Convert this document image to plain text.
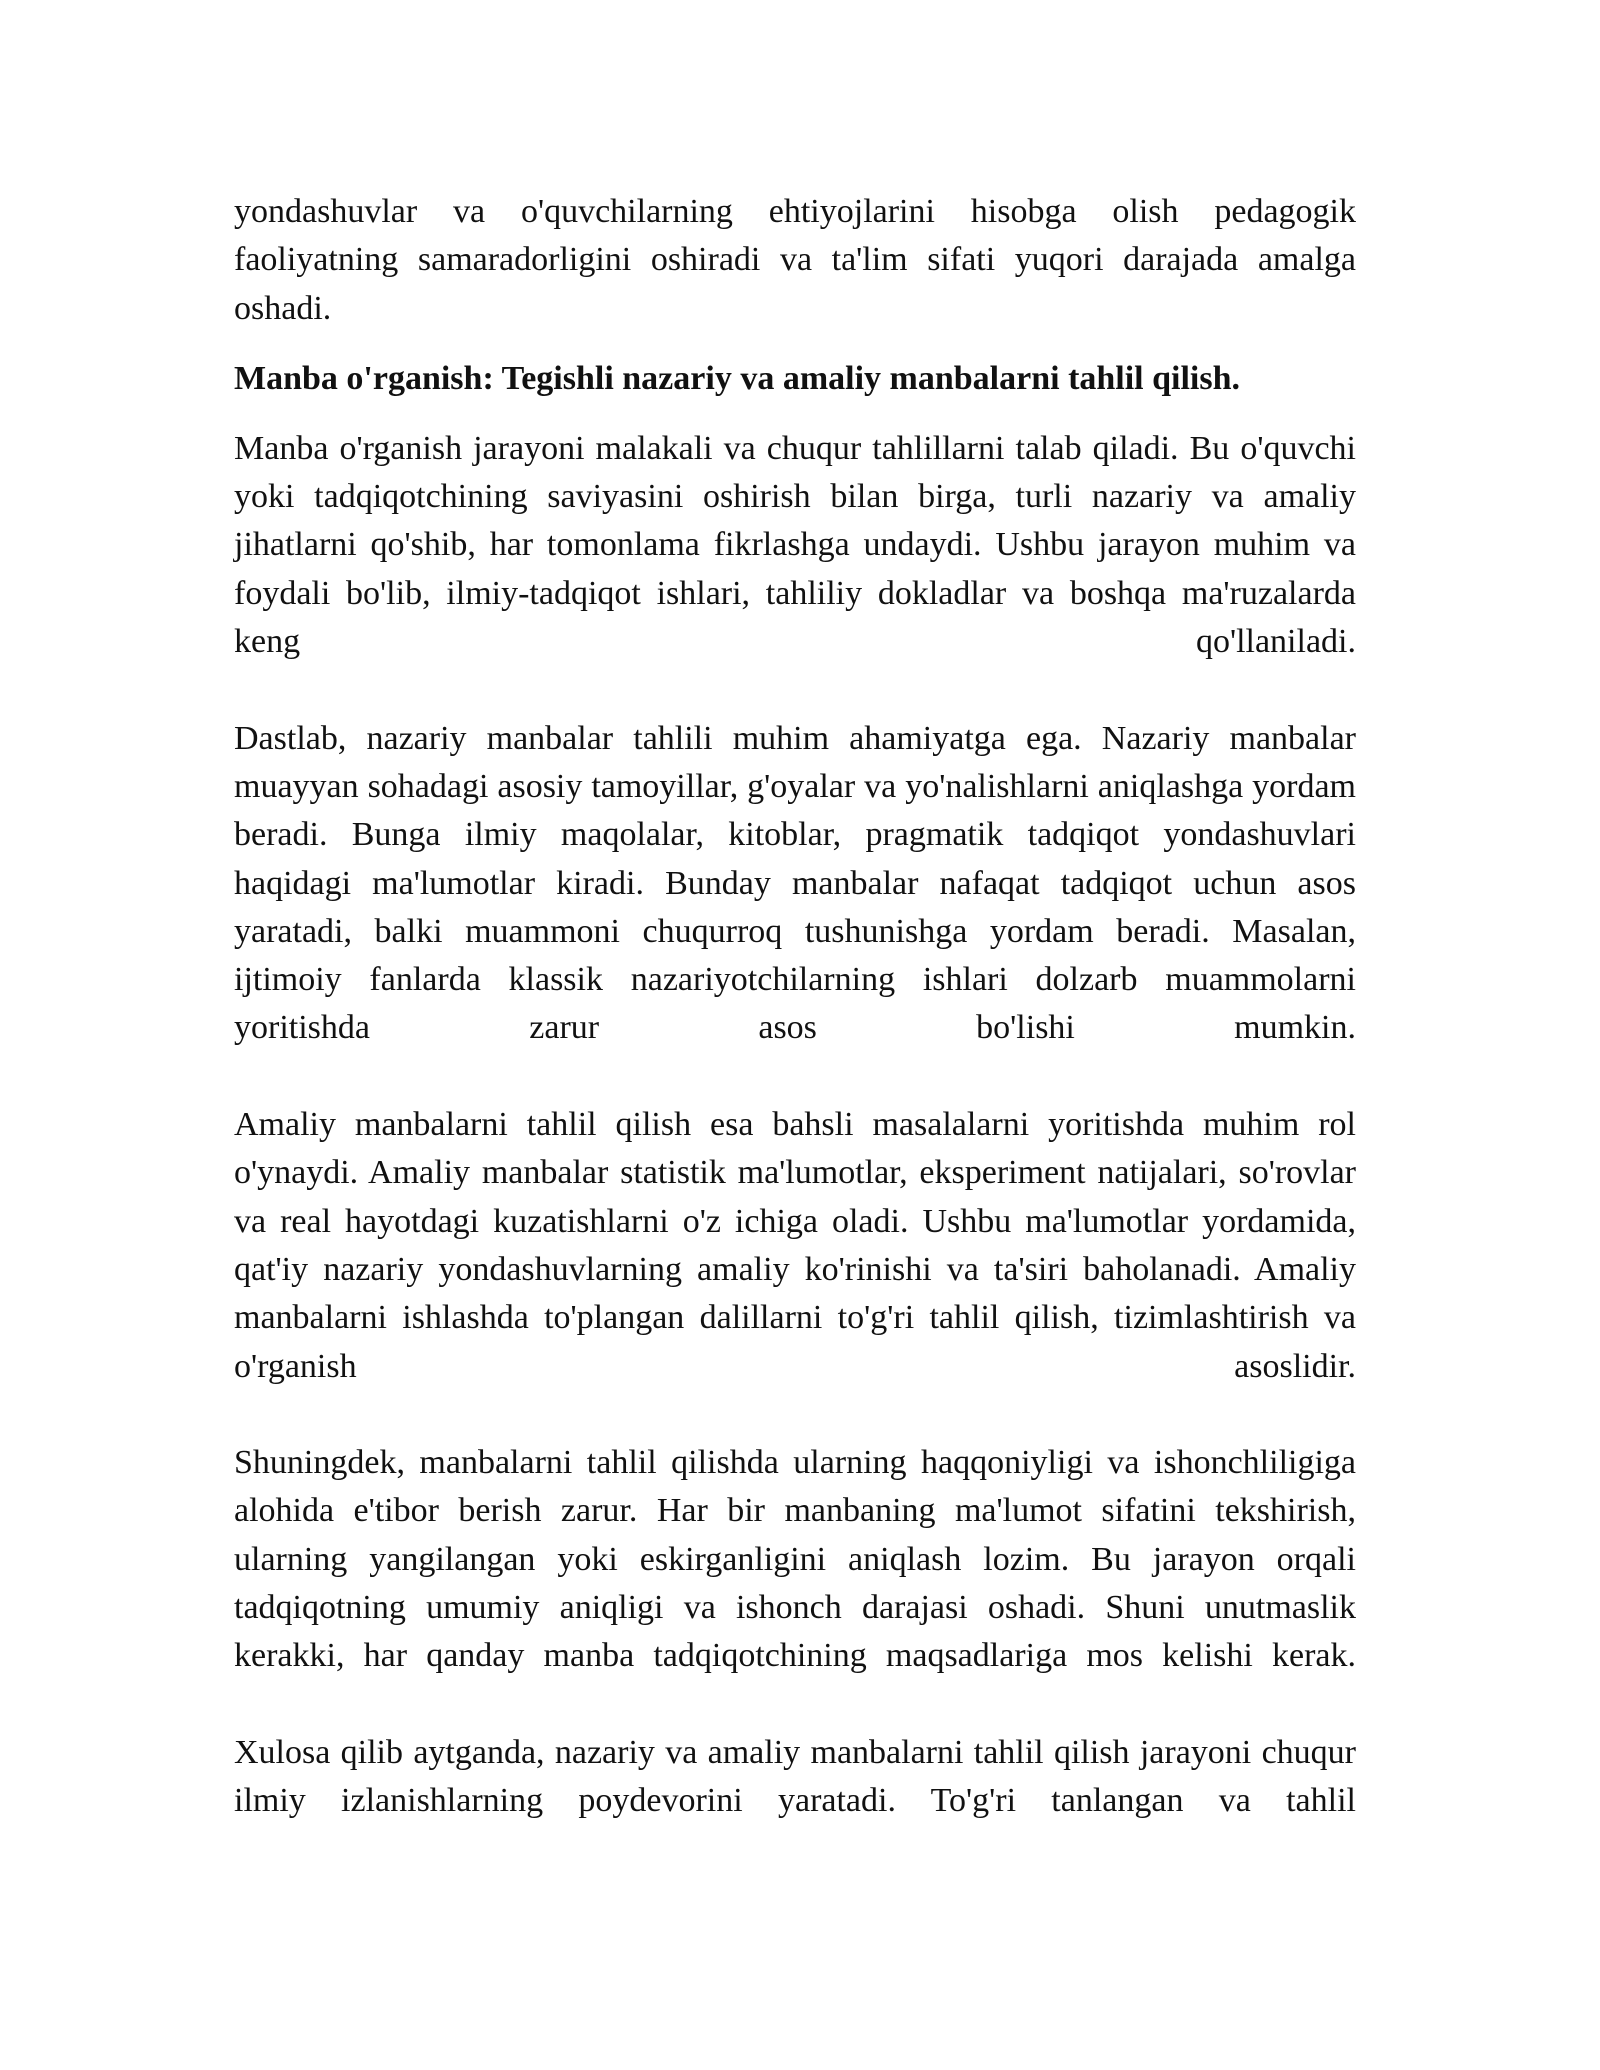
yondashuvlar va o'quvchilarning ehtiyojlarini hisobga olish pedagogik faoliyatning samaradorligini oshiradi va ta'lim sifati yuqori darajada amalga oshadi.

Manba o'rganish: Tegishli nazariy va amaliy manbalarni tahlil qilish.

Manba o'rganish jarayoni malakali va chuqur tahlillarni talab qiladi. Bu o'quvchi yoki tadqiqotchining saviyasini oshirish bilan birga, turli nazariy va amaliy jihatlarni qo'shib, har tomonlama fikrlashga undaydi. Ushbu jarayon muhim va foydali bo'lib, ilmiy-tadqiqot ishlari, tahliliy dokladlar va boshqa ma'ruzalarda keng qo'llaniladi.

Dastlab, nazariy manbalar tahlili muhim ahamiyatga ega. Nazariy manbalar muayyan sohadagi asosiy tamoyillar, g'oyalar va yo'nalishlarni aniqlashga yordam beradi. Bunga ilmiy maqolalar, kitoblar, pragmatik tadqiqot yondashuvlari haqidagi ma'lumotlar kiradi. Bunday manbalar nafaqat tadqiqot uchun asos yaratadi, balki muammoni chuqurroq tushunishga yordam beradi. Masalan, ijtimoiy fanlarda klassik nazariyotchilarning ishlari dolzarb muammolarni yoritishda zarur asos bo'lishi mumkin.

Amaliy manbalarni tahlil qilish esa bahsli masalalarni yoritishda muhim rol o'ynaydi. Amaliy manbalar statistik ma'lumotlar, eksperiment natijalari, so'rovlar va real hayotdagi kuzatishlarni o'z ichiga oladi. Ushbu ma'lumotlar yordamida, qat'iy nazariy yondashuvlarning amaliy ko'rinishi va ta'siri baholanadi. Amaliy manbalarni ishlashda to'plangan dalillarni to'g'ri tahlil qilish, tizimlashtirish va o'rganish asoslidir.

Shuningdek, manbalarni tahlil qilishda ularning haqqoniyligi va ishonchliligiga alohida e'tibor berish zarur. Har bir manbaning ma'lumot sifatini tekshirish, ularning yangilangan yoki eskirganligini aniqlash lozim. Bu jarayon orqali tadqiqotning umumiy aniqligi va ishonch darajasi oshadi. Shuni unutmaslik kerakki, har qanday manba tadqiqotchining maqsadlariga mos kelishi kerak.

Xulosa qilib aytganda, nazariy va amaliy manbalarni tahlil qilish jarayoni chuqur ilmiy izlanishlarning poydevorini yaratadi. To'g'ri tanlangan va tahlil
